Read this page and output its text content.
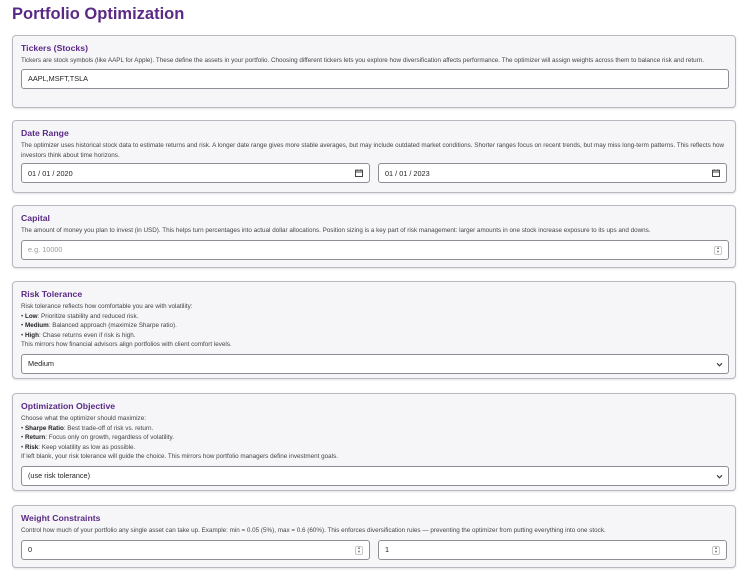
Portfolio Optimization
Tickers (Stocks)

Tickers are stock symbols (like AAPL for Apple). These define the assets in your portfolio. Choosing different tickers lets you explore how diversification affects performance. The optimizer will assign weights across them to balance risk and return.

AAPL,MSFT,TSLA
Date Range

The optimizer uses historical stock data to estimate returns and risk. A longer date range gives more stable averages, but may include outdated market conditions. Shorter ranges focus on recent trends, but may miss long-term patterns. This reflects how investors think about time horizons.

01 / 01 / 2020	01 / 01 / 2023
Capital

The amount of money you plan to invest (in USD). This helps turn percentages into actual dollar allocations. Position sizing is a key part of risk management: larger amounts in one stock increase exposure to its ups and downs.

e.g. 10000	▲
▼
Risk Tolerance

Risk tolerance reflects how comfortable you are with volatility:

• Low: Prioritize stability and reduced risk.

• Medium: Balanced approach (maximize Sharpe ratio).

• High: Chase returns even if risk is high.

This mirrors how financial advisors align portfolios with client comfort levels.

Medium
Optimization Objective

Choose what the optimizer should maximize:

• Sharpe Ratio: Best trade-off of risk vs. return.

• Return: Focus only on growth, regardless of volatility.

• Risk: Keep volatility as low as possible.

If left blank, your risk tolerance will guide the choice. This mirrors how portfolio managers define investment goals.

(use risk tolerance)
Weight Constraints

Control how much of your portfolio any single asset can take up. Example: min = 0.05 (5%), max = 0.6 (60%). This enforces diversification rules — preventing the optimizer from putting everything into one stock.

0	▲
▼	1	▲
▼
